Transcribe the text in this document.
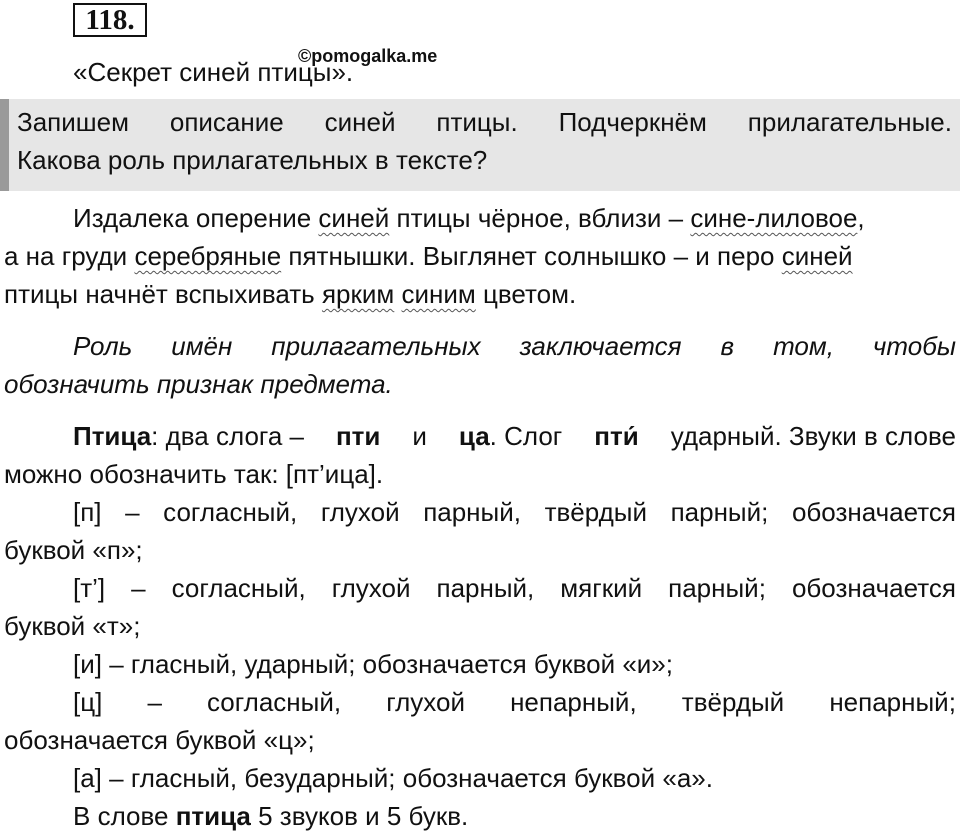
118.
«Секрет синей птицы».
©pomogalka.me
Запишем описание синей птицы. Подчеркнём прилагательные.
Какова роль прилагательных в тексте?
Издалека оперение синей птицы чёрное, вблизи – сине-лиловое,
а на груди серебряные пятнышки. Выглянет солнышко – и перо синей
птицы начнёт вспыхивать ярким синим цветом.
Роль имён прилагательных заключается в том, чтобы
обозначить признак предмета.
Птица: два слога – пти и ца. Слог пти́ ударный. Звуки в слове
можно обозначить так: [пт’ица].
[п] – согласный, глухой парный, твёрдый парный; обозначается
буквой «п»;
[т’] – согласный, глухой парный, мягкий парный; обозначается
буквой «т»;
[и] – гласный, ударный; обозначается буквой «и»;
[ц] – согласный, глухой непарный, твёрдый непарный;
обозначается буквой «ц»;
[а] – гласный, безударный; обозначается буквой «а».
В слове птица 5 звуков и 5 букв.
